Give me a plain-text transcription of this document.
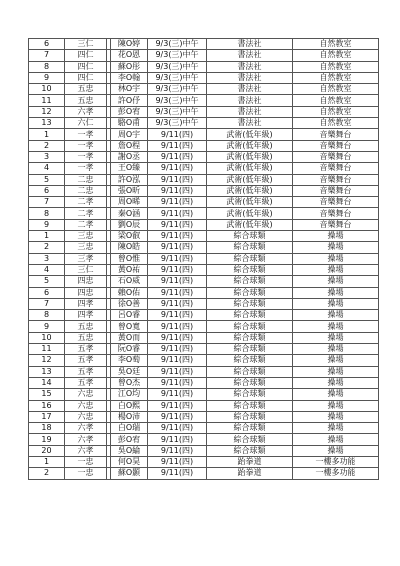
6	三仁		陳O婷	9/3(三)中午	書法社	自然教室
7	四仁		花O恩	9/3(三)中午	書法社	自然教室
8	四仁		蘇O彤	9/3(三)中午	書法社	自然教室
9	四仁		李O翰	9/3(三)中午	書法社	自然教室
10	五忠		林O宇	9/3(三)中午	書法社	自然教室
11	五忠		許O伃	9/3(三)中午	書法社	自然教室
12	六孝		彭O宥	9/3(三)中午	書法社	自然教室
13	六仁		駱O甫	9/3(三)中午	書法社	自然教室
1	一孝		周O宇	9/11(四)	武術(低年級)	音樂舞台
2	一孝		詹O程	9/11(四)	武術(低年級)	音樂舞台
3	一孝		謝O丞	9/11(四)	武術(低年級)	音樂舞台
4	一孝		王O臻	9/11(四)	武術(低年級)	音樂舞台
5	二忠		許O泓	9/11(四)	武術(低年級)	音樂舞台
6	二忠		張O昕	9/11(四)	武術(低年級)	音樂舞台
7	二孝		周O晞	9/11(四)	武術(低年級)	音樂舞台
8	二孝		秦O涵	9/11(四)	武術(低年級)	音樂舞台
9	二孝		劉O辰	9/11(四)	武術(低年級)	音樂舞台
1	三忠		梁O叡	9/11(四)	綜合球類	操場
2	三忠		陳O皓	9/11(四)	綜合球類	操場
3	三孝		曾O惟	9/11(四)	綜合球類	操場
4	三仁		黃O祐	9/11(四)	綜合球類	操場
5	四忠		石O威	9/11(四)	綜合球類	操場
6	四忠		賴O佑	9/11(四)	綜合球類	操場
7	四孝		徐O善	9/11(四)	綜合球類	操場
8	四孝		呂O睿	9/11(四)	綜合球類	操場
9	五忠		曾O寬	9/11(四)	綜合球類	操場
10	五忠		黃O而	9/11(四)	綜合球類	操場
11	五孝		阮O睿	9/11(四)	綜合球類	操場
12	五孝		李O萄	9/11(四)	綜合球類	操場
13	五孝		吳O廷	9/11(四)	綜合球類	操場
14	五孝		曾O杰	9/11(四)	綜合球類	操場
15	六忠		江O均	9/11(四)	綜合球類	操場
16	六忠		白O熙	9/11(四)	綜合球類	操場
17	六忠		楊O沛	9/11(四)	綜合球類	操場
18	六孝		白O瑞	9/11(四)	綜合球類	操場
19	六孝		彭O宥	9/11(四)	綜合球類	操場
20	六孝		吳O綸	9/11(四)	綜合球類	操場
1	一忠		何O昊	9/11(四)	跆拳道	一樓多功能
2	一忠		蘇O顥	9/11(四)	跆拳道	一樓多功能
